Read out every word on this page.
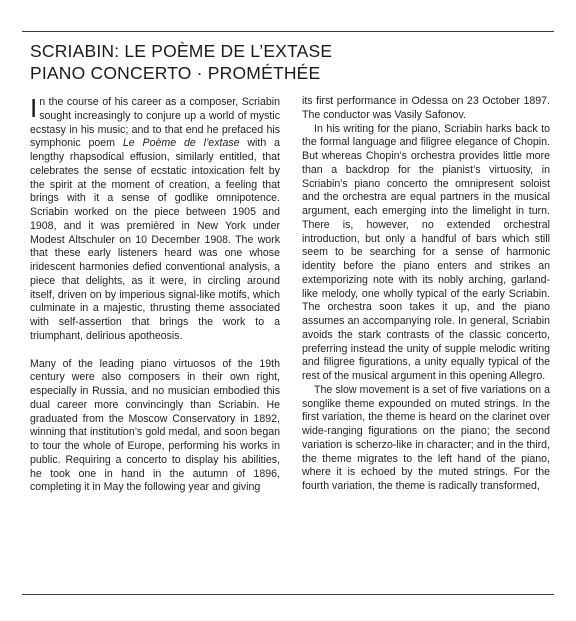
SCRIABIN: LE POÈME DE L’EXTASE
PIANO CONCERTO · PROMÉTHÉE

In the course of his career as a composer, Scriabin sought increasingly to conjure up a world of mystic ecstasy in his music; and to that end he prefaced his symphonic poem Le Poème de l’extase with a lengthy rhapsodical effusion, similarly entitled, that celebrates the sense of ecstatic intoxication felt by the spirit at the moment of creation, a feeling that brings with it a sense of godlike omnipotence. Scriabin worked on the piece between 1905 and 1908, and it was premièred in New York under Modest Altschuler on 10 December 1908. The work that these early listeners heard was one whose iridescent harmonies defied conventional analysis, a piece that delights, as it were, in circling around itself, driven on by imperious signal-like motifs, which culminate in a majestic, thrusting theme associated with self-assertion that brings the work to a triumphant, delirious apotheosis.

Many of the leading piano virtuosos of the 19th century were also composers in their own right, especially in Russia, and no musician embodied this dual career more convincingly than Scriabin. He graduated from the Moscow Conservatory in 1892, winning that institution’s gold medal, and soon began to tour the whole of Europe, performing his works in public. Requiring a concerto to display his abilities, he took one in hand in the autumn of 1896, completing it in May the following year and giving

its first performance in Odessa on 23 October 1897. The conductor was Vasily Safonov.

In his writing for the piano, Scriabin harks back to the formal language and filigree elegance of Chopin. But whereas Chopin’s orchestra provides little more than a backdrop for the pianist’s virtuosity, in Scriabin’s piano concerto the omnipresent soloist and the orchestra are equal partners in the musical argument, each emerging into the limelight in turn. There is, however, no extended orchestral introduction, but only a handful of bars which still seem to be searching for a sense of harmonic identity before the piano enters and strikes an extemporizing note with its nobly arching, garland-like melody, one wholly typical of the early Scriabin. The orchestra soon takes it up, and the piano assumes an accompanying role. In general, Scriabin avoids the stark contrasts of the classic concerto, preferring instead the unity of supple melodic writing and filigree figurations, a unity equally typical of the rest of the musical argument in this opening Allegro.

The slow movement is a set of five variations on a songlike theme expounded on muted strings. In the first variation, the theme is heard on the clarinet over wide-ranging figurations on the piano; the second variation is scherzo-like in character; and in the third, the theme migrates to the left hand of the piano, where it is echoed by the muted strings. For the fourth variation, the theme is radically transformed,
